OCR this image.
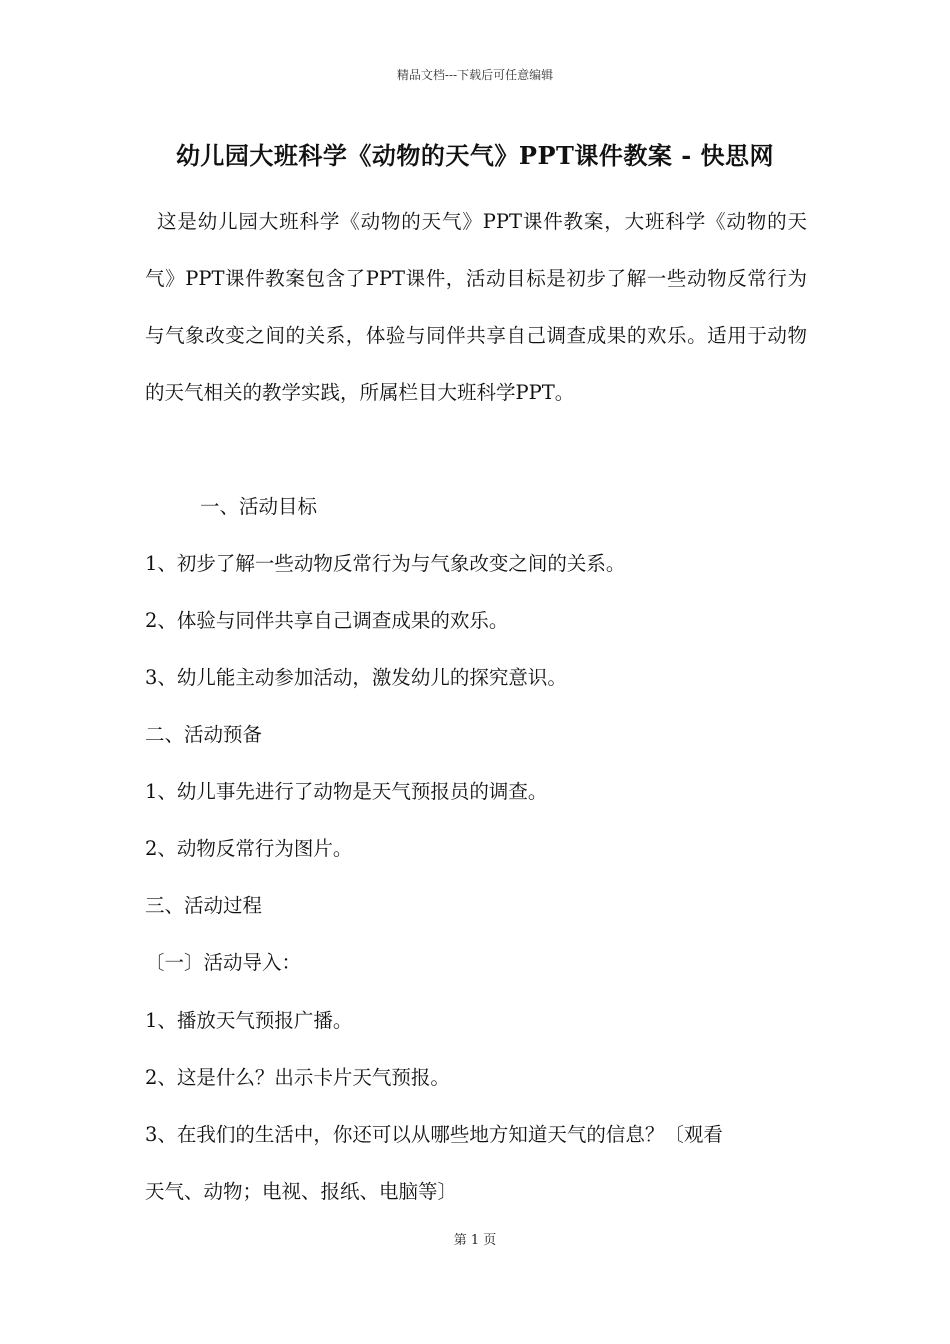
精品文档---下载后可任意编辑
幼儿园大班科学《动物的天气》PPT课件教案 - 快思网
这是幼儿园大班科学《动物的天气》PPT课件教案，大班科学《动物的天气》PPT课件教案包含了PPT课件，活动目标是初步了解一些动物反常行为与气象改变之间的关系，体验与同伴共享自己调查成果的欢乐。适用于动物的天气相关的教学实践，所属栏目大班科学PPT。
一、活动目标
1、初步了解一些动物反常行为与气象改变之间的关系。
2、体验与同伴共享自己调查成果的欢乐。
3、幼儿能主动参加活动，激发幼儿的探究意识。
二、活动预备
1、幼儿事先进行了动物是天气预报员的调查。
2、动物反常行为图片。
三、活动过程
〔一〕活动导入：
1、播放天气预报广播。
2、这是什么？出示卡片天气预报。
3、在我们的生活中，你还可以从哪些地方知道天气的信息？〔观看
天气、动物；电视、报纸、电脑等〕
第 1 页
